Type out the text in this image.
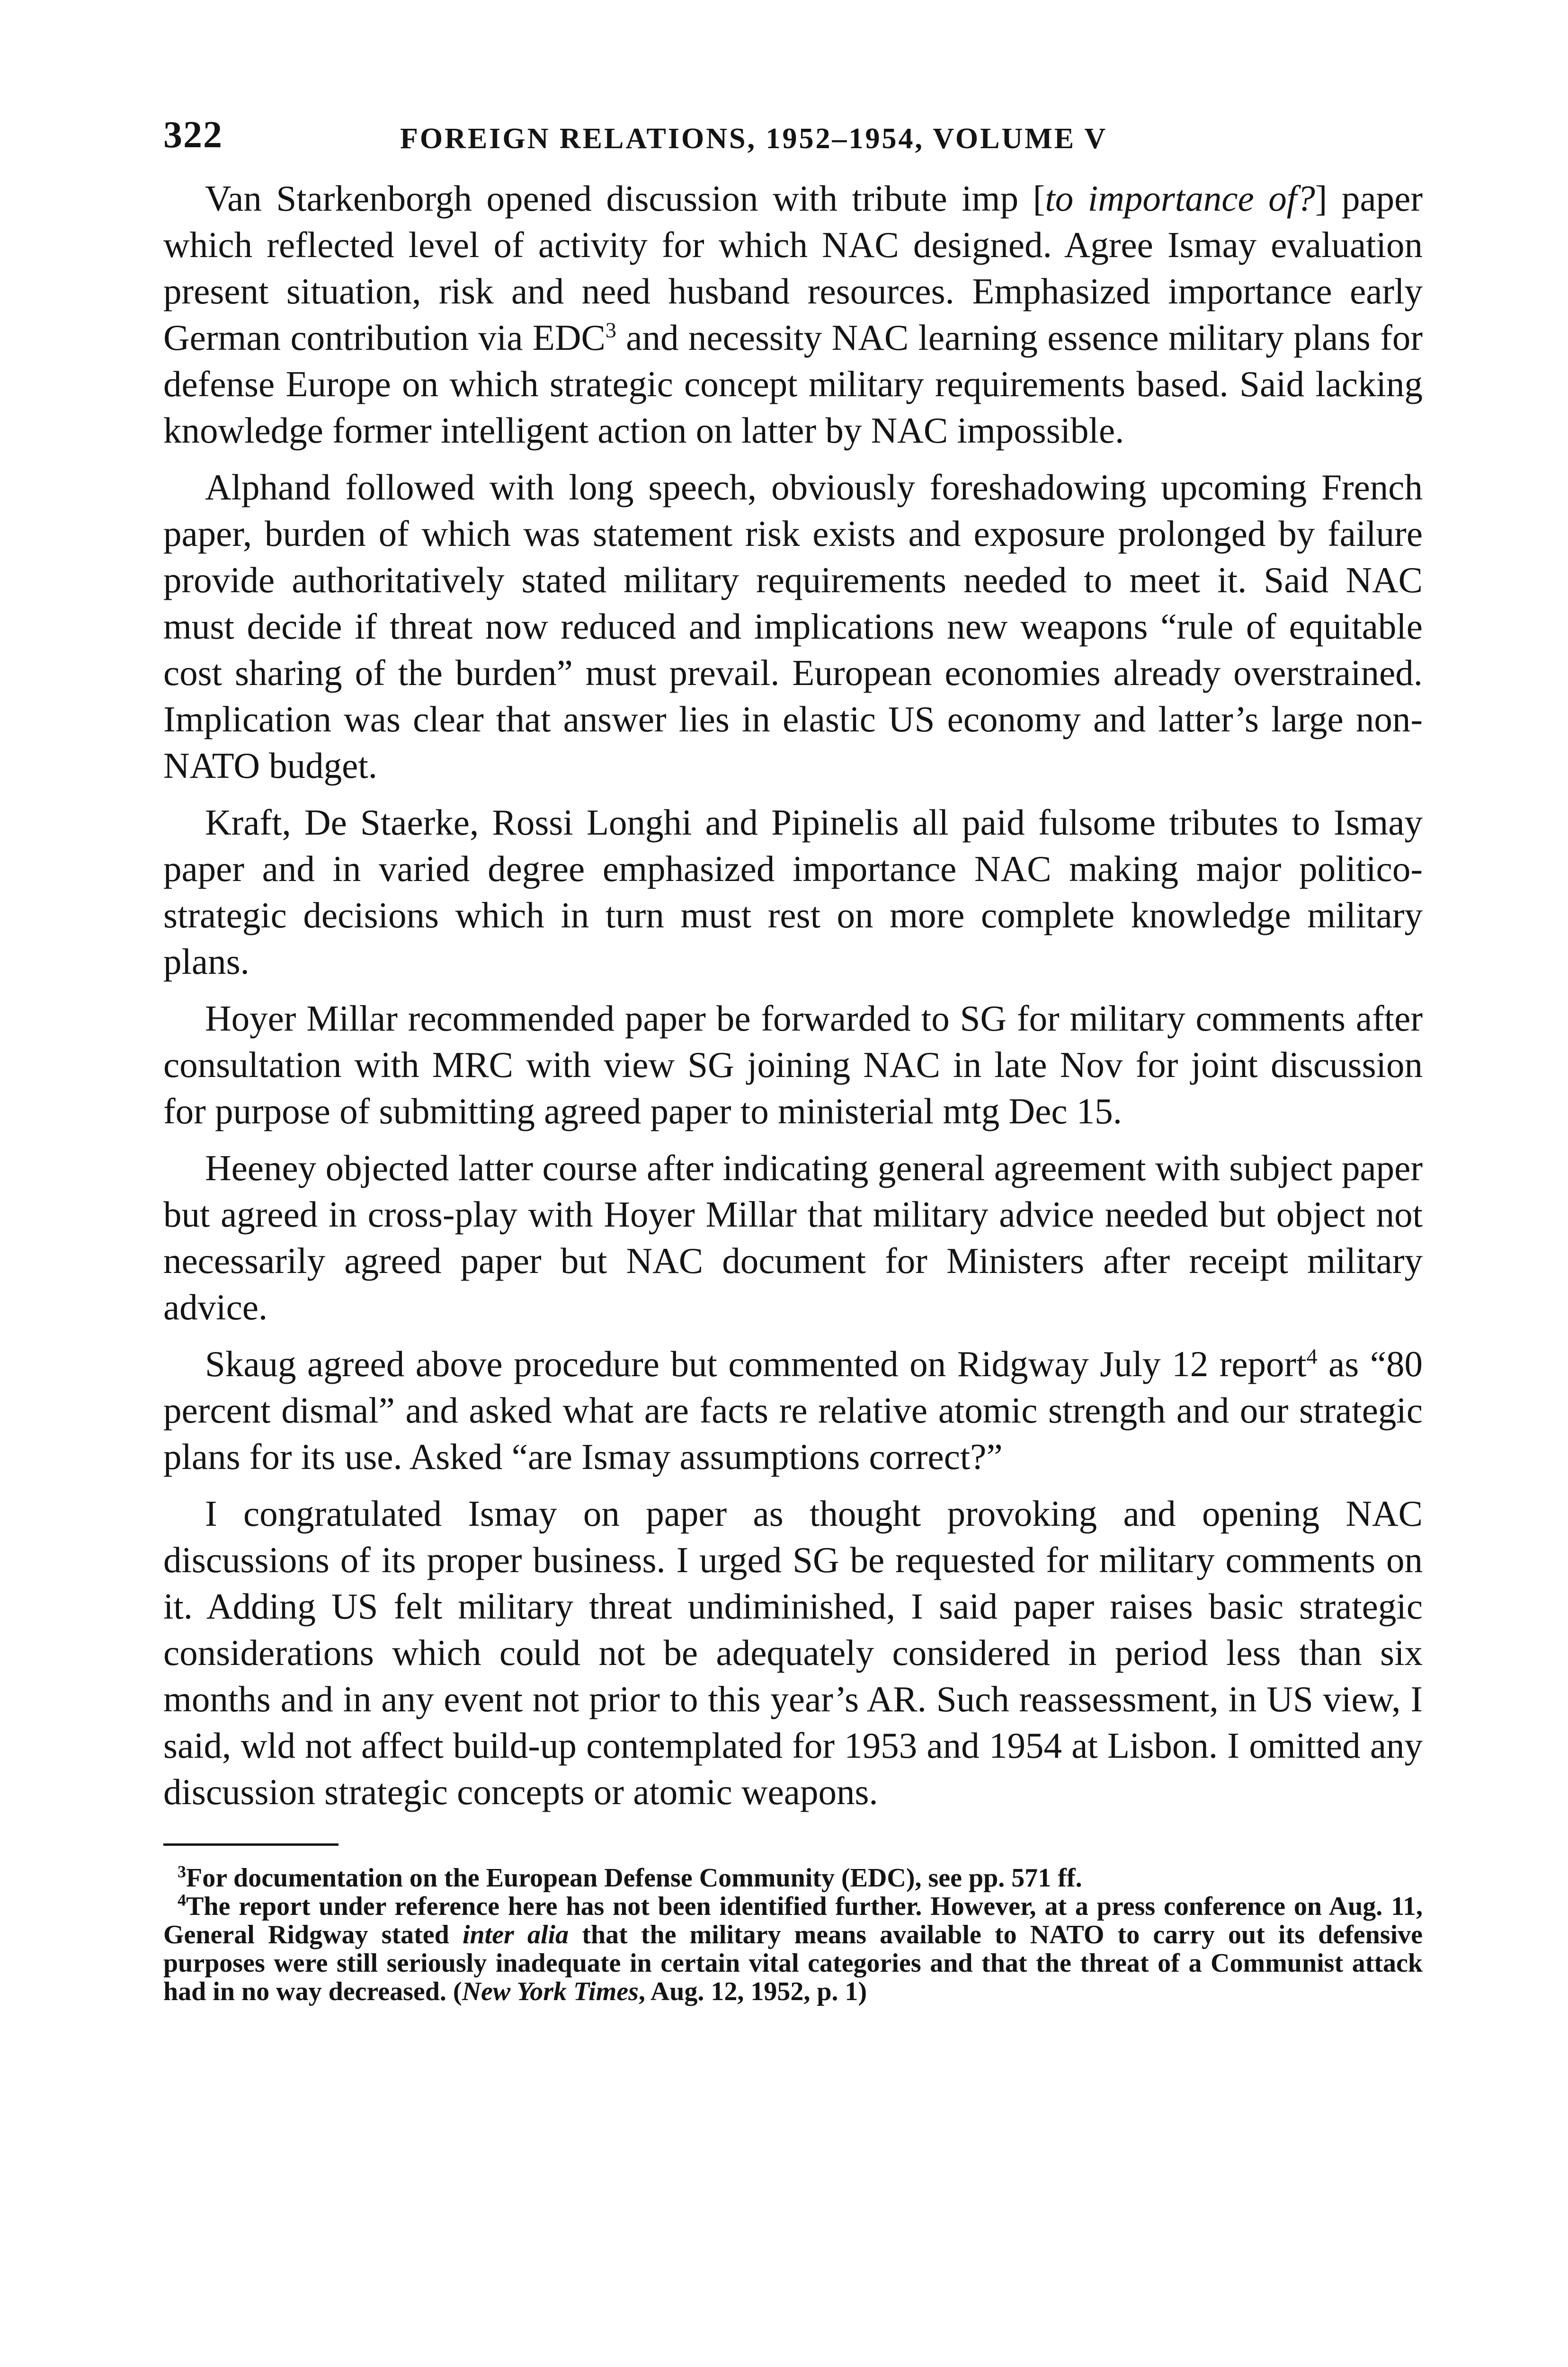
322	FOREIGN RELATIONS, 1952–1954, VOLUME V

Van Starkenborgh opened discussion with tribute imp [to importance of?] paper which reflected level of activity for which NAC designed. Agree Ismay evaluation present situation, risk and need husband resources. Emphasized importance early German contribution via EDC$^3$ and necessity NAC learning essence military plans for defense Europe on which strategic concept military requirements based. Said lacking knowledge former intelligent action on latter by NAC impossible.

Alphand followed with long speech, obviously foreshadowing upcoming French paper, burden of which was statement risk exists and exposure prolonged by failure provide authoritatively stated military requirements needed to meet it. Said NAC must decide if threat now reduced and implications new weapons “rule of equitable cost sharing of the burden” must prevail. European economies already overstrained. Implication was clear that answer lies in elastic US economy and latter’s large non-NATO budget.

Kraft, De Staerke, Rossi Longhi and Pipinelis all paid fulsome tributes to Ismay paper and in varied degree emphasized importance NAC making major politico-strategic decisions which in turn must rest on more complete knowledge military plans.

Hoyer Millar recommended paper be forwarded to SG for military comments after consultation with MRC with view SG joining NAC in late Nov for joint discussion for purpose of submitting agreed paper to ministerial mtg Dec 15.

Heeney objected latter course after indicating general agreement with subject paper but agreed in cross-play with Hoyer Millar that military advice needed but object not necessarily agreed paper but NAC document for Ministers after receipt military advice.

Skaug agreed above procedure but commented on Ridgway July 12 report$^4$ as “80 percent dismal” and asked what are facts re relative atomic strength and our strategic plans for its use. Asked “are Ismay assumptions correct?”

I congratulated Ismay on paper as thought provoking and opening NAC discussions of its proper business. I urged SG be requested for military comments on it. Adding US felt military threat undiminished, I said paper raises basic strategic considerations which could not be adequately considered in period less than six months and in any event not prior to this year’s AR. Such reassessment, in US view, I said, wld not affect build-up contemplated for 1953 and 1954 at Lisbon. I omitted any discussion strategic concepts or atomic weapons.

$^3$For documentation on the European Defense Community (EDC), see pp. 571 ff.

$^4$The report under reference here has not been identified further. However, at a press conference on Aug. 11, General Ridgway stated inter alia that the military means available to NATO to carry out its defensive purposes were still seriously inadequate in certain vital categories and that the threat of a Communist attack had in no way decreased. (New York Times, Aug. 12, 1952, p. 1)
